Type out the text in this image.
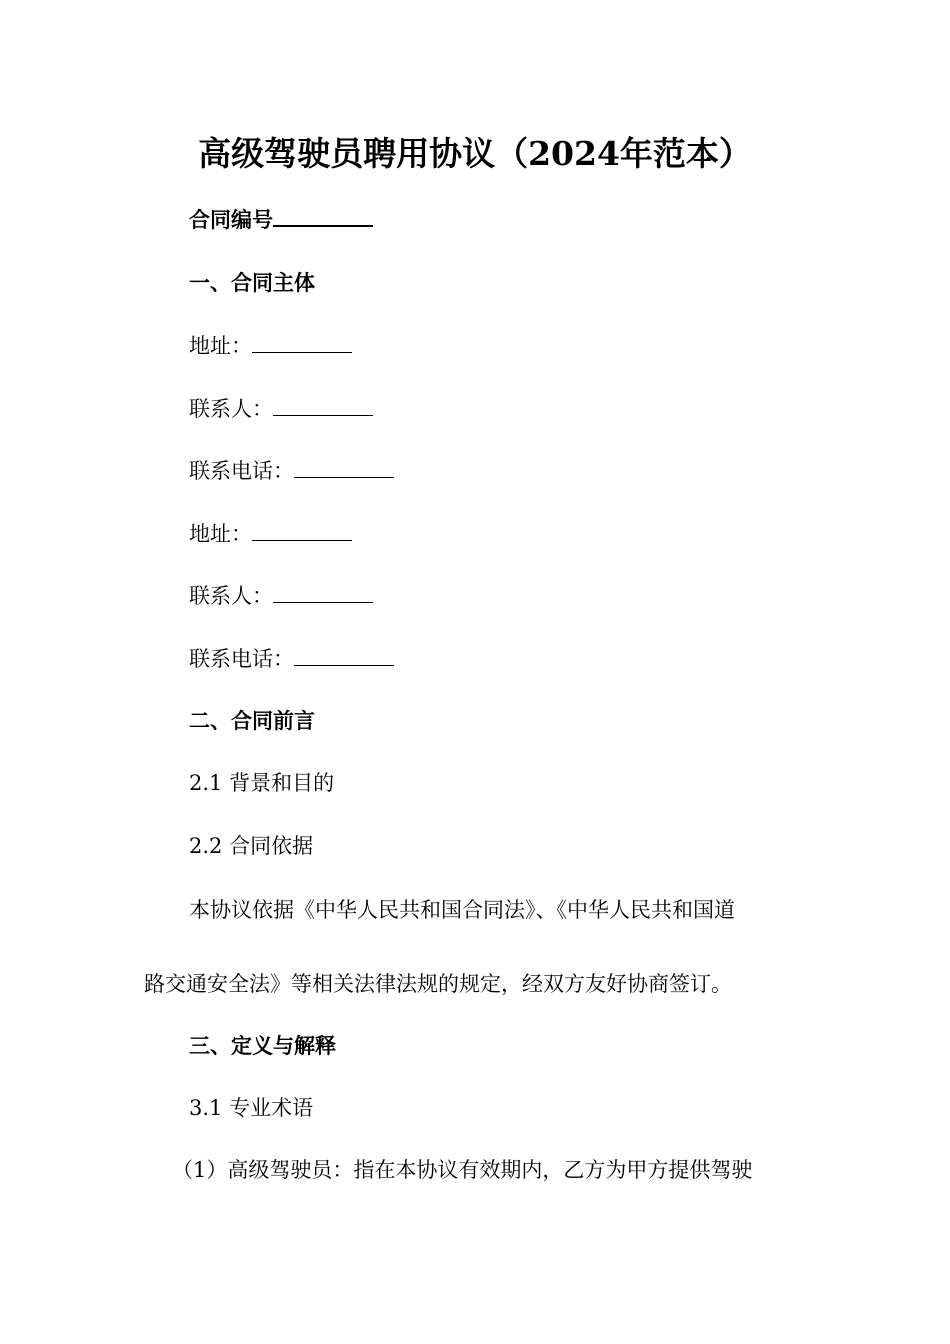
高级驾驶员聘用协议（2024年范本）
合同编号
一、合同主体
地址：
联系人：
联系电话：
地址：
联系人：
联系电话：
二、合同前言
2.1 背景和目的
2.2 合同依据
本协议依据《中华人民共和国合同法》、《中华人民共和国道
路交通安全法》等相关法律法规的规定，经双方友好协商签订。
三、定义与解释
3.1 专业术语
（1）高级驾驶员：指在本协议有效期内，乙方为甲方提供驾驶
